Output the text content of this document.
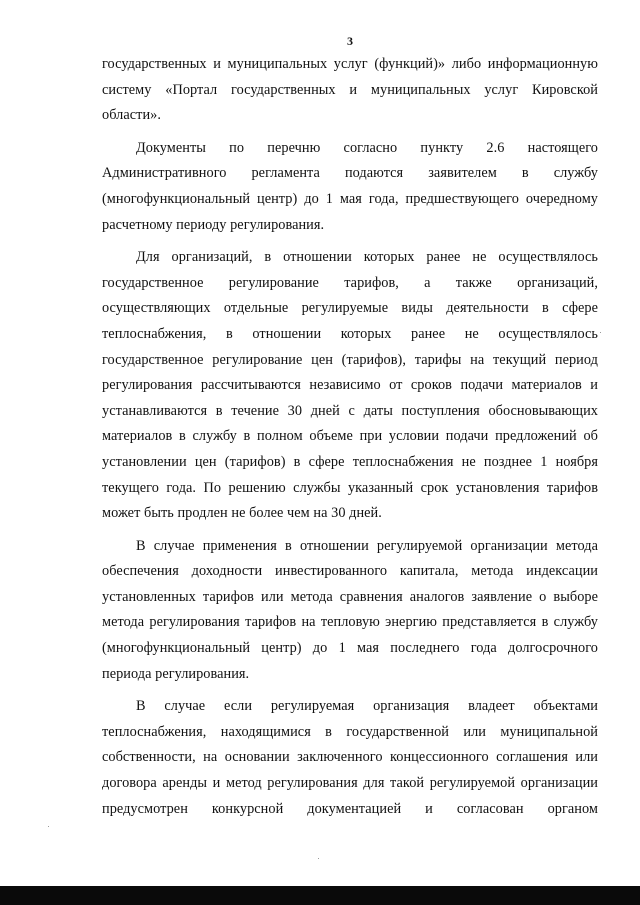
3

государственных и муниципальных услуг (функций)» либо информационную
систему «Портал государственных и муниципальных услуг Кировской
области».

Документы по перечню согласно пункту 2.6 настоящего
Административного регламента подаются заявителем в службу
(многофункциональный центр) до 1 мая года, предшествующего очередному
расчетному периоду регулирования.

Для организаций, в отношении которых ранее не осуществлялось
государственное регулирование тарифов, а также организаций,
осуществляющих отдельные регулируемые виды деятельности в сфере
теплоснабжения, в отношении которых ранее не осуществлялось
государственное регулирование цен (тарифов), тарифы на текущий период
регулирования рассчитываются независимо от сроков подачи материалов и
устанавливаются в течение 30 дней с даты поступления обосновывающих
материалов в службу в полном объеме при условии подачи предложений об
установлении цен (тарифов) в сфере теплоснабжения не позднее 1 ноября
текущего года. По решению службы указанный срок установления тарифов
может быть продлен не более чем на 30 дней.

В случае применения в отношении регулируемой организации метода
обеспечения доходности инвестированного капитала, метода индексации
установленных тарифов или метода сравнения аналогов заявление о выборе
метода регулирования тарифов на тепловую энергию представляется в службу
(многофункциональный центр) до 1 мая последнего года долгосрочного
периода регулирования.

В случае если регулируемая организация владеет объектами
теплоснабжения, находящимися в государственной или муниципальной
собственности, на основании заключенного концессионного соглашения или
договора аренды и метод регулирования для такой регулируемой организации
предусмотрен конкурсной документацией и согласован органом
